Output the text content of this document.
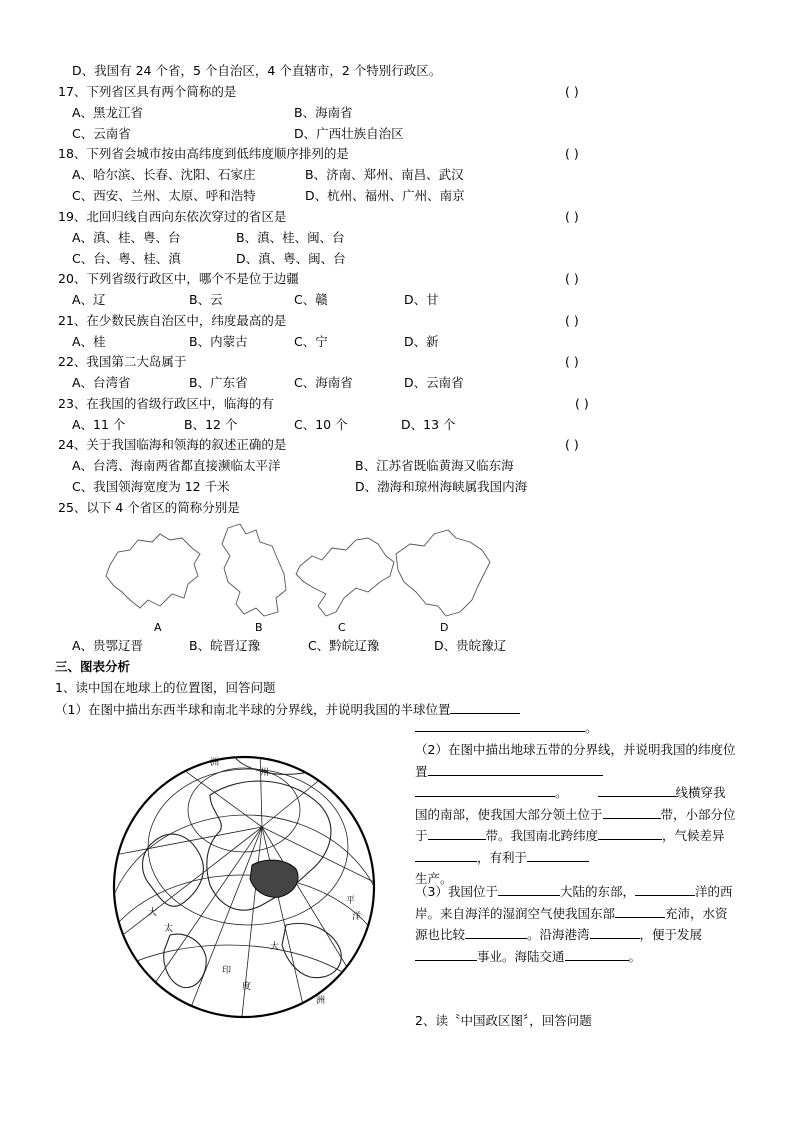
D、我国有 24 个省，5 个自治区，4 个直辖市，2 个特别行政区。
17、下列省区具有两个简称的是	( )
A、黑龙江省	B、海南省
C、云南省	D、广西壮族自治区
18、下列省会城市按由高纬度到低纬度顺序排列的是	( )
A、哈尔滨、长春、沈阳、石家庄	B、济南、郑州、南昌、武汉
C、西安、兰州、太原、呼和浩特	D、杭州、福州、广州、南京
19、北回归线自西向东依次穿过的省区是	( )
A、滇、桂、粤、台	B、滇、桂、闽、台
C、台、粤、桂、滇	D、滇、粤、闽、台
20、下列省级行政区中，哪个不是位于边疆	( )
A、辽	B、云	C、赣	D、甘
21、在少数民族自治区中，纬度最高的是	( )
A、桂	B、内蒙古	C、宁	D、新
22、我国第二大岛属于	( )
A、台湾省	B、广东省	C、海南省	D、云南省
23、在我国的省级行政区中，临海的有	( )
A、11 个	B、12 个	C、10 个	D、13 个
24、关于我国临海和领海的叙述正确的是	( )
A、台湾、海南两省都直接濒临太平洋	B、江苏省既临黄海又临东海
C、我国领海宽度为 12 千米	D、渤海和琼州海峡属我国内海
25、以下 4 个省区的简称分别是
A	B	C	D
A、贵鄂辽晋	B、皖晋辽豫	C、黔皖辽豫	D、贵皖豫辽
三、图表分析
1、读中国在地球上的位置图，回答问题
（1）在图中描出东西半球和南北半球的分界线，并说明我国的半球位置
。
（2）在图中描出地球五带的分界线，并说明我国的纬度位置
。	线横穿我国的南部，使我国大部分领土位于	带，小部分位于	带。我国南北跨纬度	，气候差异，有利于
生产。
（3）我国位于	大陆的东部，	洋的西岸。来自海洋的湿润空气使我国东部	充沛，水资源也比较	。沿海港湾	，便于发展事业。海陆交通	。
2、读〝中国政区图〞，回答问题
洲
州
大
太
平
洋
度
洲
大
印
